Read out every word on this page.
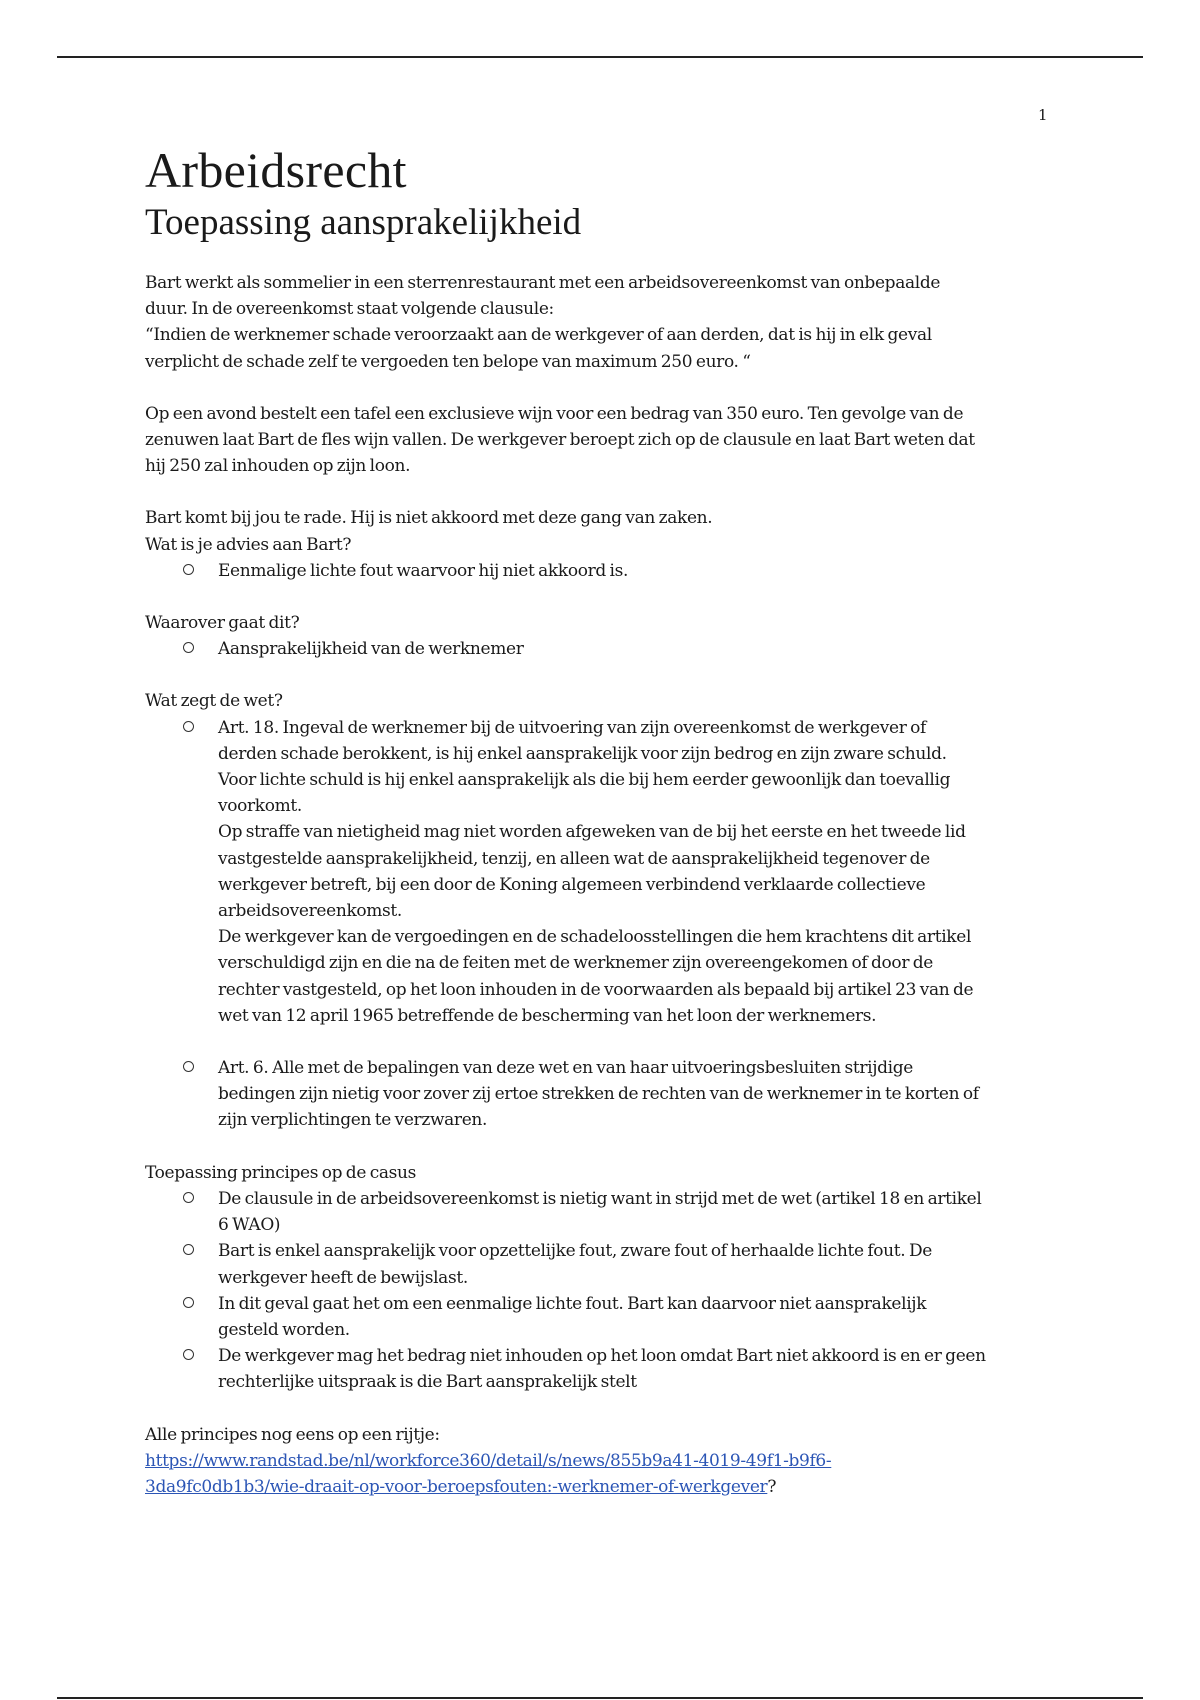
1
Arbeidsrecht
Toepassing aansprakelijkheid

Bart werkt als sommelier in een sterrenrestaurant met een arbeidsovereenkomst van onbepaalde
duur. In de overeenkomst staat volgende clausule:
“Indien de werknemer schade veroorzaakt aan de werkgever of aan derden, dat is hij in elk geval
verplicht de schade zelf te vergoeden ten belope van maximum 250 euro. “

Op een avond bestelt een tafel een exclusieve wijn voor een bedrag van 350 euro. Ten gevolge van de
zenuwen laat Bart de fles wijn vallen. De werkgever beroept zich op de clausule en laat Bart weten dat
hij 250 zal inhouden op zijn loon.

Bart komt bij jou te rade. Hij is niet akkoord met deze gang van zaken.
Wat is je advies aan Bart?

Eenmalige lichte fout waarvoor hij niet akkoord is.

Waarover gaat dit?

Aansprakelijkheid van de werknemer

Wat zegt de wet?

Art. 18. Ingeval de werknemer bij de uitvoering van zijn overeenkomst de werkgever of
derden schade berokkent, is hij enkel aansprakelijk voor zijn bedrog en zijn zware schuld.
Voor lichte schuld is hij enkel aansprakelijk als die bij hem eerder gewoonlijk dan toevallig
voorkomt.
Op straffe van nietigheid mag niet worden afgeweken van de bij het eerste en het tweede lid
vastgestelde aansprakelijkheid, tenzij, en alleen wat de aansprakelijkheid tegenover de
werkgever betreft, bij een door de Koning algemeen verbindend verklaarde collectieve
arbeidsovereenkomst.
De werkgever kan de vergoedingen en de schadeloosstellingen die hem krachtens dit artikel
verschuldigd zijn en die na de feiten met de werknemer zijn overeengekomen of door de
rechter vastgesteld, op het loon inhouden in de voorwaarden als bepaald bij artikel 23 van de
wet van 12 april 1965 betreffende de bescherming van het loon der werknemers.
Art. 6. Alle met de bepalingen van deze wet en van haar uitvoeringsbesluiten strijdige
bedingen zijn nietig voor zover zij ertoe strekken de rechten van de werknemer in te korten of
zijn verplichtingen te verzwaren.

Toepassing principes op de casus

De clausule in de arbeidsovereenkomst is nietig want in strijd met de wet (artikel 18 en artikel
6 WAO)
Bart is enkel aansprakelijk voor opzettelijke fout, zware fout of herhaalde lichte fout. De
werkgever heeft de bewijslast.
In dit geval gaat het om een eenmalige lichte fout. Bart kan daarvoor niet aansprakelijk
gesteld worden.
De werkgever mag het bedrag niet inhouden op het loon omdat Bart niet akkoord is en er geen
rechterlijke uitspraak is die Bart aansprakelijk stelt

Alle principes nog eens op een rijtje:
https://www.randstad.be/nl/workforce360/detail/s/news/855b9a41-4019-49f1-b9f6-
3da9fc0db1b3/wie-draait-op-voor-beroepsfouten:-werknemer-of-werkgever?
